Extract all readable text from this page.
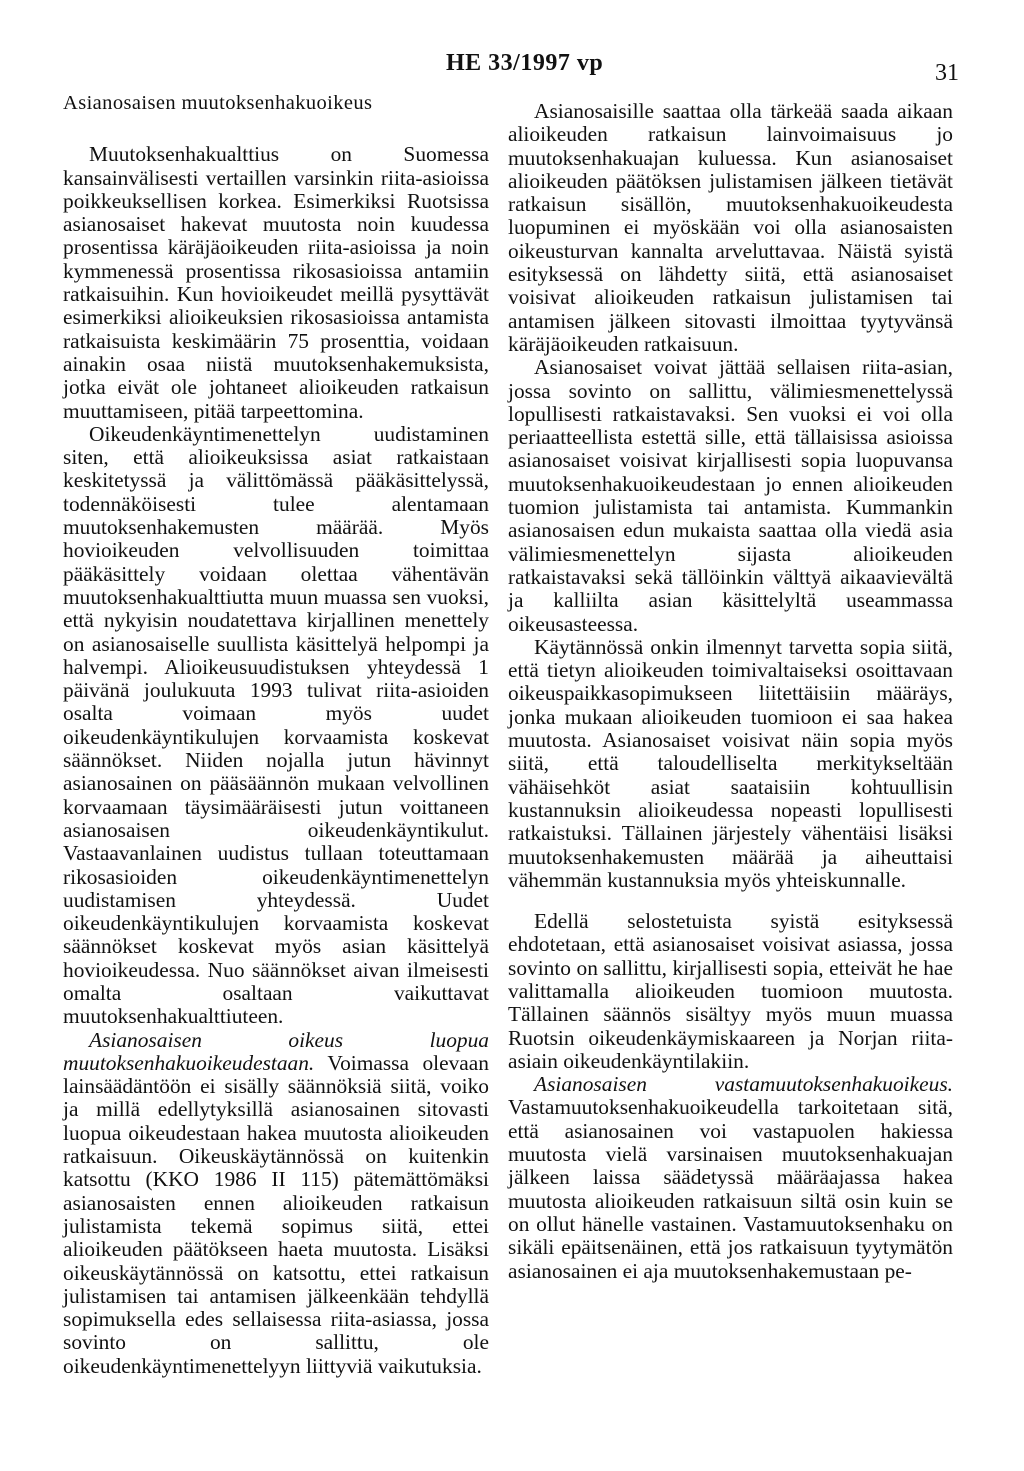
HE 33/1997 vp	31

Asianosaisen muutoksenhakuoikeus

Muutoksenhakualttius on Suomessa kansainvälisesti vertaillen varsinkin riita-asioissa poikkeuksellisen korkea. Esimerkiksi Ruotsissa asianosaiset hakevat muutosta noin kuudessa prosentissa käräjäoikeuden riita-asioissa ja noin kymmenessä prosentissa rikosasioissa antamiin ratkaisuihin. Kun hovioikeudet meillä pysyttävät esimerkiksi alioikeuksien rikosasioissa antamista ratkaisuista keskimäärin 75 prosenttia, voidaan ainakin osaa niistä muutoksenhakemuksista, jotka eivät ole johtaneet alioikeuden ratkaisun muuttamiseen, pitää tarpeettomina.

Oikeudenkäyntimenettelyn uudistaminen siten, että alioikeuksissa asiat ratkaistaan keskitetyssä ja välittömässä pääkäsittelyssä, todennäköisesti tulee alentamaan muutoksenhakemusten määrää. Myös hovioikeuden velvollisuuden toimittaa pääkäsittely voidaan olettaa vähentävän muutoksenhakualttiutta muun muassa sen vuoksi, että nykyisin noudatettava kirjallinen menettely on asianosaiselle suullista käsittelyä helpompi ja halvempi. Alioikeusuudistuksen yhteydessä 1 päivänä joulukuuta 1993 tulivat riita-asioiden osalta voimaan myös uudet oikeudenkäyntikulujen korvaamista koskevat säännökset. Niiden nojalla jutun hävinnyt asianosainen on pääsäännön mukaan velvollinen korvaamaan täysimääräisesti jutun voittaneen asianosaisen oikeudenkäyntikulut. Vastaavanlainen uudistus tullaan toteuttamaan rikosasioiden oikeudenkäyntimenettelyn uudistamisen yhteydessä. Uudet oikeudenkäyntikulujen korvaamista koskevat säännökset koskevat myös asian käsittelyä hovioikeudessa. Nuo säännökset aivan ilmeisesti omalta osaltaan vaikuttavat muutoksenhakualttiuteen.

Asianosaisen oikeus luopua muutoksenhakuoikeudestaan. Voimassa olevaan lainsäädäntöön ei sisälly säännöksiä siitä, voiko ja millä edellytyksillä asianosainen sitovasti luopua oikeudestaan hakea muutosta alioikeuden ratkaisuun. Oikeuskäytännössä on kuitenkin katsottu (KKO 1986 II 115) pätemättömäksi asianosaisten ennen alioikeuden ratkaisun julistamista tekemä sopimus siitä, ettei alioikeuden päätökseen haeta muutosta. Lisäksi oikeuskäytännössä on katsottu, ettei ratkaisun julistamisen tai antamisen jälkeenkään tehdyllä sopimuksella edes sellaisessa riita-asiassa, jossa sovinto on sallittu, ole oikeudenkäyntimenettelyyn liittyviä vaikutuksia.

Asianosaisille saattaa olla tärkeää saada aikaan alioikeuden ratkaisun lainvoimaisuus jo muutoksenhakuajan kuluessa. Kun asianosaiset alioikeuden päätöksen julistamisen jälkeen tietävät ratkaisun sisällön, muutoksenhakuoikeudesta luopuminen ei myöskään voi olla asianosaisten oikeusturvan kannalta arveluttavaa. Näistä syistä esityksessä on lähdetty siitä, että asianosaiset voisivat alioikeuden ratkaisun julistamisen tai antamisen jälkeen sitovasti ilmoittaa tyytyvänsä käräjäoikeuden ratkaisuun.

Asianosaiset voivat jättää sellaisen riita-asian, jossa sovinto on sallittu, välimiesmenettelyssä lopullisesti ratkaistavaksi. Sen vuoksi ei voi olla periaatteellista estettä sille, että tällaisissa asioissa asianosaiset voisivat kirjallisesti sopia luopuvansa muutoksenhakuoikeudestaan jo ennen alioikeuden tuomion julistamista tai antamista. Kummankin asianosaisen edun mukaista saattaa olla viedä asia välimiesmenettelyn sijasta alioikeuden ratkaistavaksi sekä tällöinkin välttyä aikaavievältä ja kalliilta asian käsittelyltä useammassa oikeusasteessa.

Käytännössä onkin ilmennyt tarvetta sopia siitä, että tietyn alioikeuden toimivaltaiseksi osoittavaan oikeuspaikkasopimukseen liitettäisiin määräys, jonka mukaan alioikeuden tuomioon ei saa hakea muutosta. Asianosaiset voisivat näin sopia myös siitä, että taloudelliselta merkitykseltään vähäisehköt asiat saataisiin kohtuullisin kustannuksin alioikeudessa nopeasti lopullisesti ratkaistuksi. Tällainen järjestely vähentäisi lisäksi muutoksenhakemusten määrää ja aiheuttaisi vähemmän kustannuksia myös yhteiskunnalle.

Edellä selostetuista syistä esityksessä ehdotetaan, että asianosaiset voisivat asiassa, jossa sovinto on sallittu, kirjallisesti sopia, etteivät he hae valittamalla alioikeuden tuomioon muutosta. Tällainen säännös sisältyy myös muun muassa Ruotsin oikeudenkäymiskaareen ja Norjan riita-asiain oikeudenkäyntilakiin.

Asianosaisen vastamuutoksenhakuoikeus. Vastamuutoksenhakuoikeudella tarkoitetaan sitä, että asianosainen voi vastapuolen hakiessa muutosta vielä varsinaisen muutoksenhakuajan jälkeen laissa säädetyssä määräajassa hakea muutosta alioikeuden ratkaisuun siltä osin kuin se on ollut hänelle vastainen. Vastamuutoksenhaku on sikäli epäitsenäinen, että jos ratkaisuun tyytymätön asianosainen ei aja muutoksenhakemustaan pe-
